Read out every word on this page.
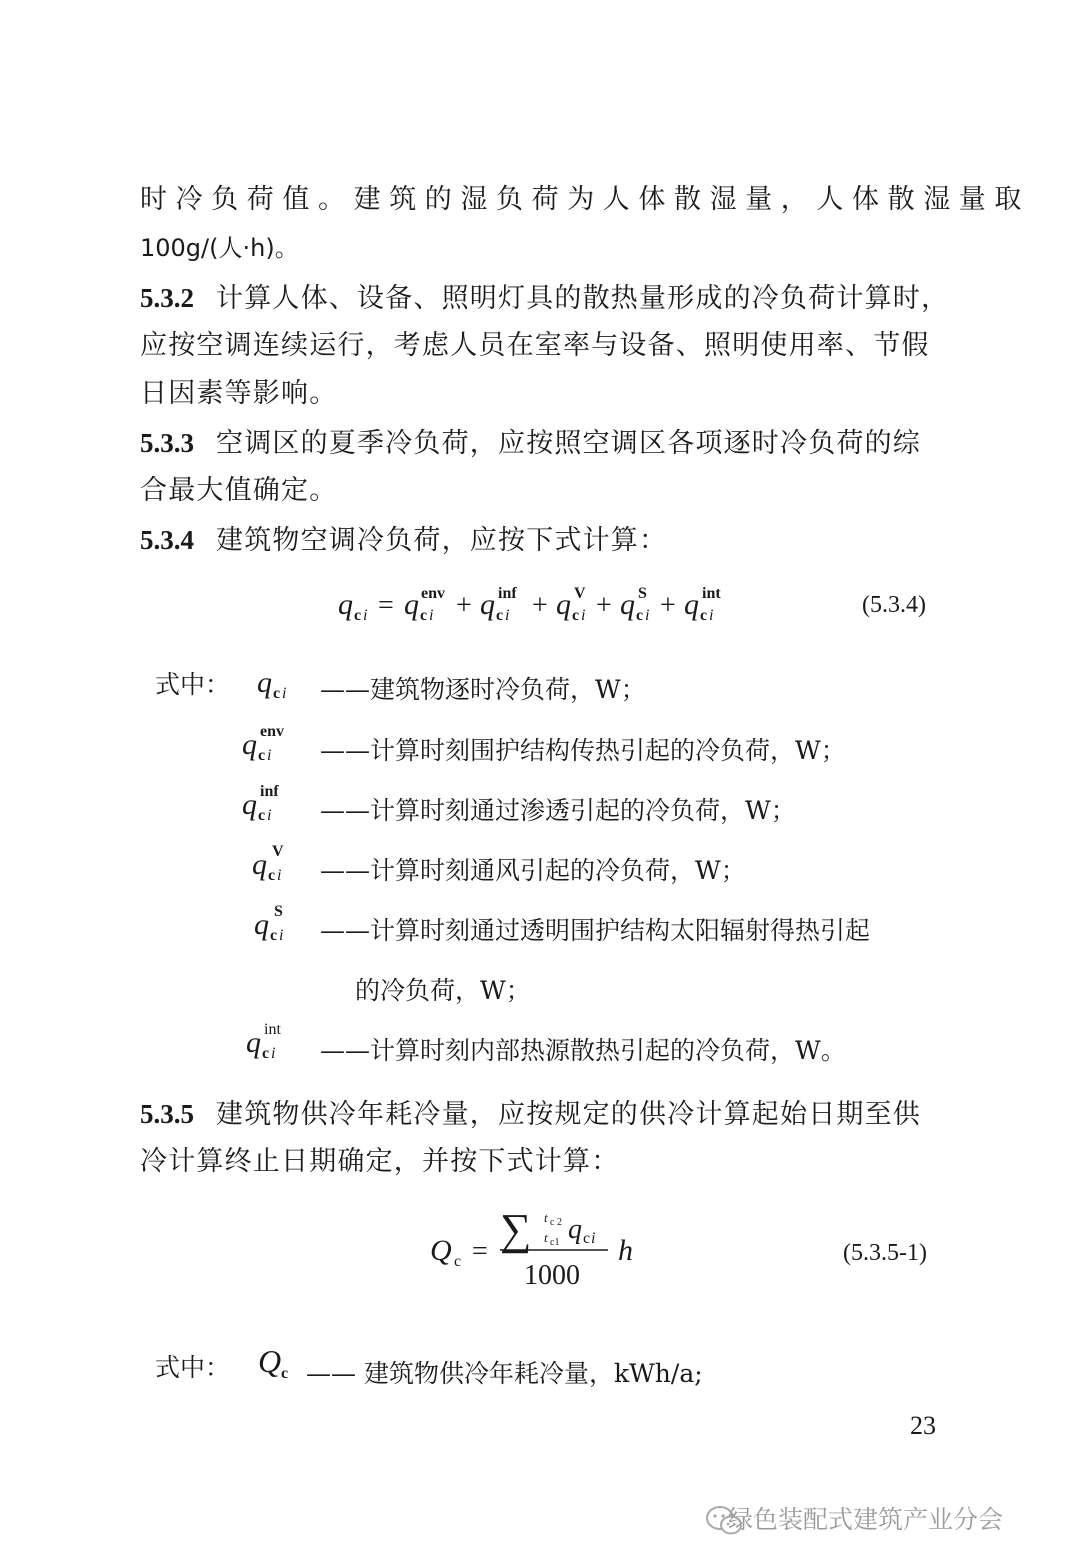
时冷负荷值。建筑的湿负荷为人体散湿量，人体散湿量取
100g/(人·h)。
5.3.2 计算人体、设备、照明灯具的散热量形成的冷负荷计算时，
应按空调连续运行，考虑人员在室率与设备、照明使用率、节假
日因素等影响。
5.3.3 空调区的夏季冷负荷，应按照空调区各项逐时冷负荷的综
合最大值确定。
5.3.4 建筑物空调冷负荷，应按下式计算：
q c i = q c i
env + q c i
inf + q c i
V + q c i
S + q c i
int	(5.3.4)
式中： q c i ——建筑物逐时冷负荷，W；
q c i
env
——计算时刻围护结构传热引起的冷负荷，W；
q c i
inf
——计算时刻通过渗透引起的冷负荷，W；
q c i
V
——计算时刻通风引起的冷负荷，W；
q c i
S
——计算时刻通过透明围护结构太阳辐射得热引起
的冷负荷，W；
q c i
int
——计算时刻内部热源散热引起的冷负荷，W。
5.3.5 建筑物供冷年耗冷量，应按规定的供冷计算起始日期至供
冷计算终止日期确定，并按下式计算：
Q c = ∑ t c 2
t c1 q c i
1000
h	(5.3.5-1)
式中： Q c —— 建筑物供冷年耗冷量，kWh/a;
23
绿色装配式建筑产业分会
